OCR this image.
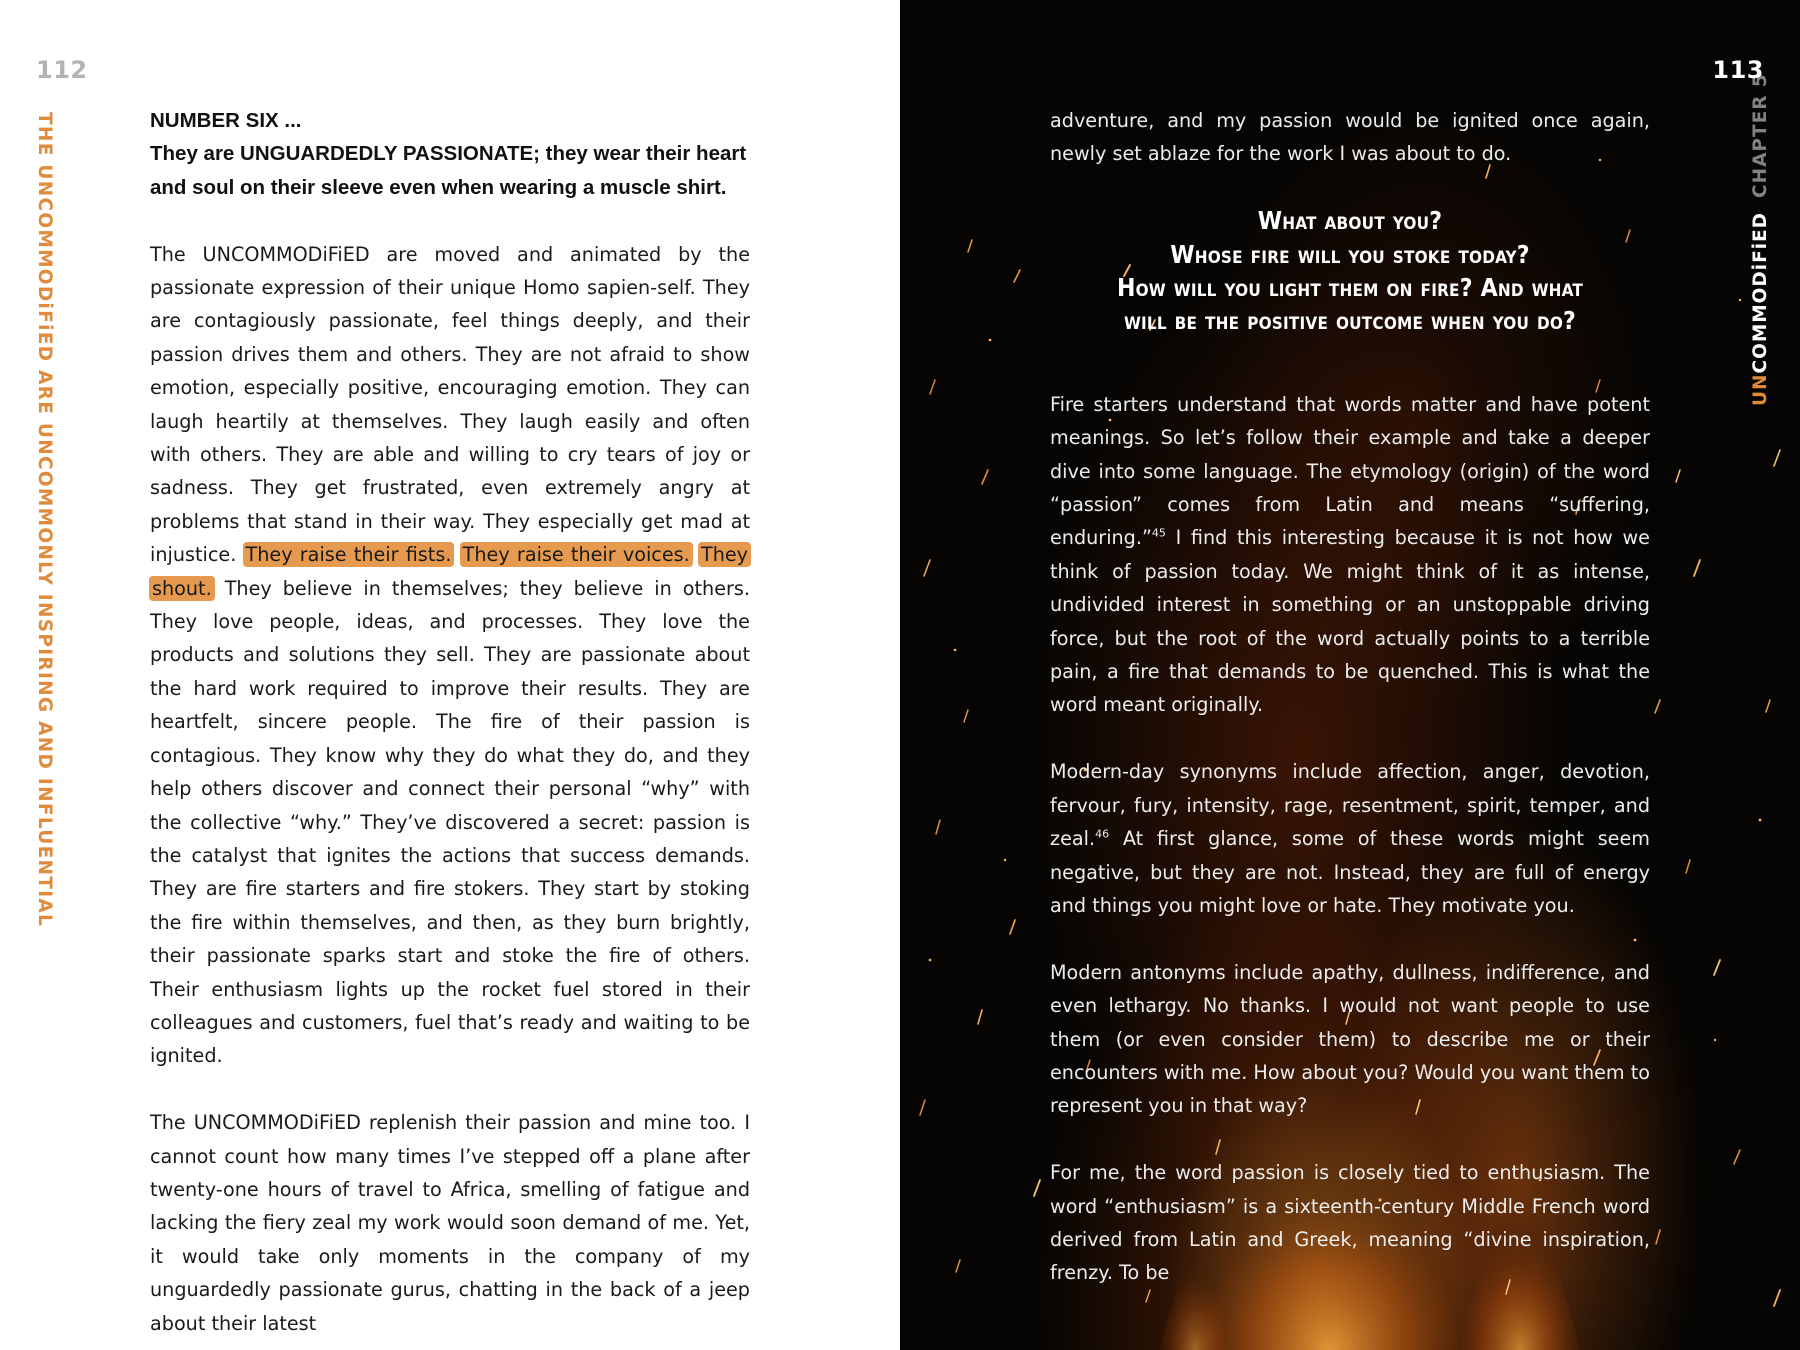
112
THE UNCOMMODiFiED ARE UNCOMMONLY INSPIRING AND INFLUENTIAL	NUMBER SIX ...

They are UNGUARDEDLY PASSIONATE; they wear their heart and soul on their sleeve even when wearing a muscle shirt.

The UNCOMMODiFiED are moved and animated by the passionate expression of their unique Homo sapien-self. They are contagiously passionate, feel things deeply, and their passion drives them and others. They are not afraid to show emotion, especially positive, encouraging emotion. They can laugh heartily at themselves. They laugh easily and often with others. They are able and willing to cry tears of joy or sadness. They get frustrated, even extremely angry at problems that stand in their way. They especially get mad at injustice. They raise their fists. They raise their voices. They shout. They believe in themselves; they believe in others. They love people, ideas, and processes. They love the products and solutions they sell. They are passionate about the hard work required to improve their results. They are heartfelt, sincere people. The fire of their passion is contagious. They know why they do what they do, and they help others discover and connect their personal “why” with the collective “why.” They’ve discovered a secret: passion is the catalyst that ignites the actions that success demands. They are fire starters and fire stokers. They start by stoking the fire within themselves, and then, as they burn brightly, their passionate sparks start and stoke the fire of others. Their enthusiasm lights up the rocket fuel stored in their colleagues and customers, fuel that’s ready and waiting to be ignited.

The UNCOMMODiFiED replenish their passion and mine too. I cannot count how many times I’ve stepped off a plane after twenty-one hours of travel to Africa, smelling of fatigue and lacking the fiery zeal my work would soon demand of me. Yet, it would take only moments in the company of my unguardedly passionate gurus, chatting in the back of a jeep about their latest

113
UNCOMMODiFiEDCHAPTER 5

adventure, and my passion would be ignited once again, newly set ablaze for the work I was about to do.

What about you?
Whose fire will you stoke today?
How will you light them on fire? And what
will be the positive outcome when you do?

Fire starters understand that words matter and have potent meanings. So let’s follow their example and take a deeper dive into some language. The etymology (origin) of the word “passion” comes from Latin and means “suffering, enduring.”$^{45}$ I find this interesting because it is not how we think of passion today. We might think of it as intense, undivided interest in something or an unstoppable driving force, but the root of the word actually points to a terrible pain, a fire that demands to be quenched. This is what the word meant originally.

Modern-day synonyms include affection, anger, devotion, fervour, fury, intensity, rage, resentment, spirit, temper, and zeal.$^{46}$ At first glance, some of these words might seem negative, but they are not. Instead, they are full of energy and things you might love or hate. They motivate you.

Modern antonyms include apathy, dullness, indifference, and even lethargy. No thanks. I would not want people to use them (or even consider them) to describe me or their encounters with me. How about you? Would you want them to represent you in that way?

For me, the word passion is closely tied to enthusiasm. The word “enthusiasm” is a sixteenth-century Middle French word derived from Latin and Greek, meaning “divine inspiration, frenzy. To be
